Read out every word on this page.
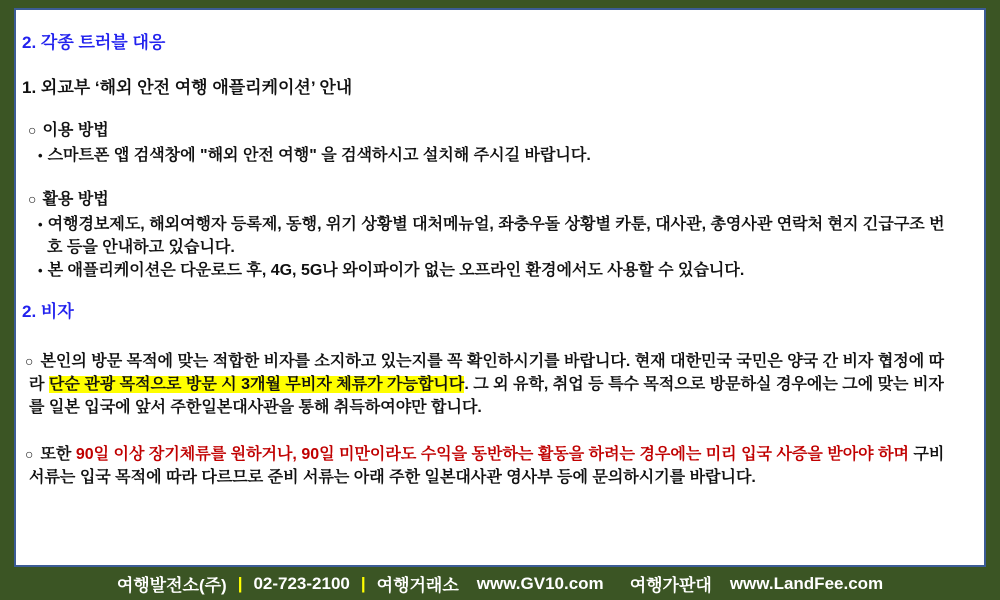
2. 각종 트러블 대응
1. 외교부 ‘해외 안전 여행 애플리케이션’ 안내
○ 이용 방법
• 스마트폰 앱 검색창에 "해외 안전 여행" 을 검색하시고 설치해 주시길 바랍니다.
○ 활용 방법
• 여행경보제도, 해외여행자 등록제, 동행, 위기 상황별 대처메뉴얼, 좌충우돌 상황별 카툰, 대사관, 총영사관 연락처 현지 긴급구조 번호 등을 안내하고 있습니다.
• 본 애플리케이션은 다운로드 후, 4G, 5G나 와이파이가 없는 오프라인 환경에서도 사용할 수 있습니다.
2. 비자
○ 본인의 방문 목적에 맞는 적합한 비자를 소지하고 있는지를 꼭 확인하시기를 바랍니다. 현재 대한민국 국민은 양국 간 비자 협정에 따라 단순 관광 목적으로 방문 시 3개월 무비자 체류가 가능합니다. 그 외 유학, 취업 등 특수 목적으로 방문하실 경우에는 그에 맞는 비자를 일본 입국에 앞서 주한일본대사관을 통해 취득하여야만 합니다.
○ 또한 90일 이상 장기체류를 원하거나, 90일 미만이라도 수익을 동반하는 활동을 하려는 경우에는 미리 입국 사증을 받아야 하며 구비 서류는 입국 목적에 따라 다르므로 준비 서류는 아래 주한 일본대사관 영사부 등에 문의하시기를 바랍니다.
여행발전소(주) | 02-723-2100 | 여행거래소 www.GV10.com 여행가판대 www.LandFee.com
